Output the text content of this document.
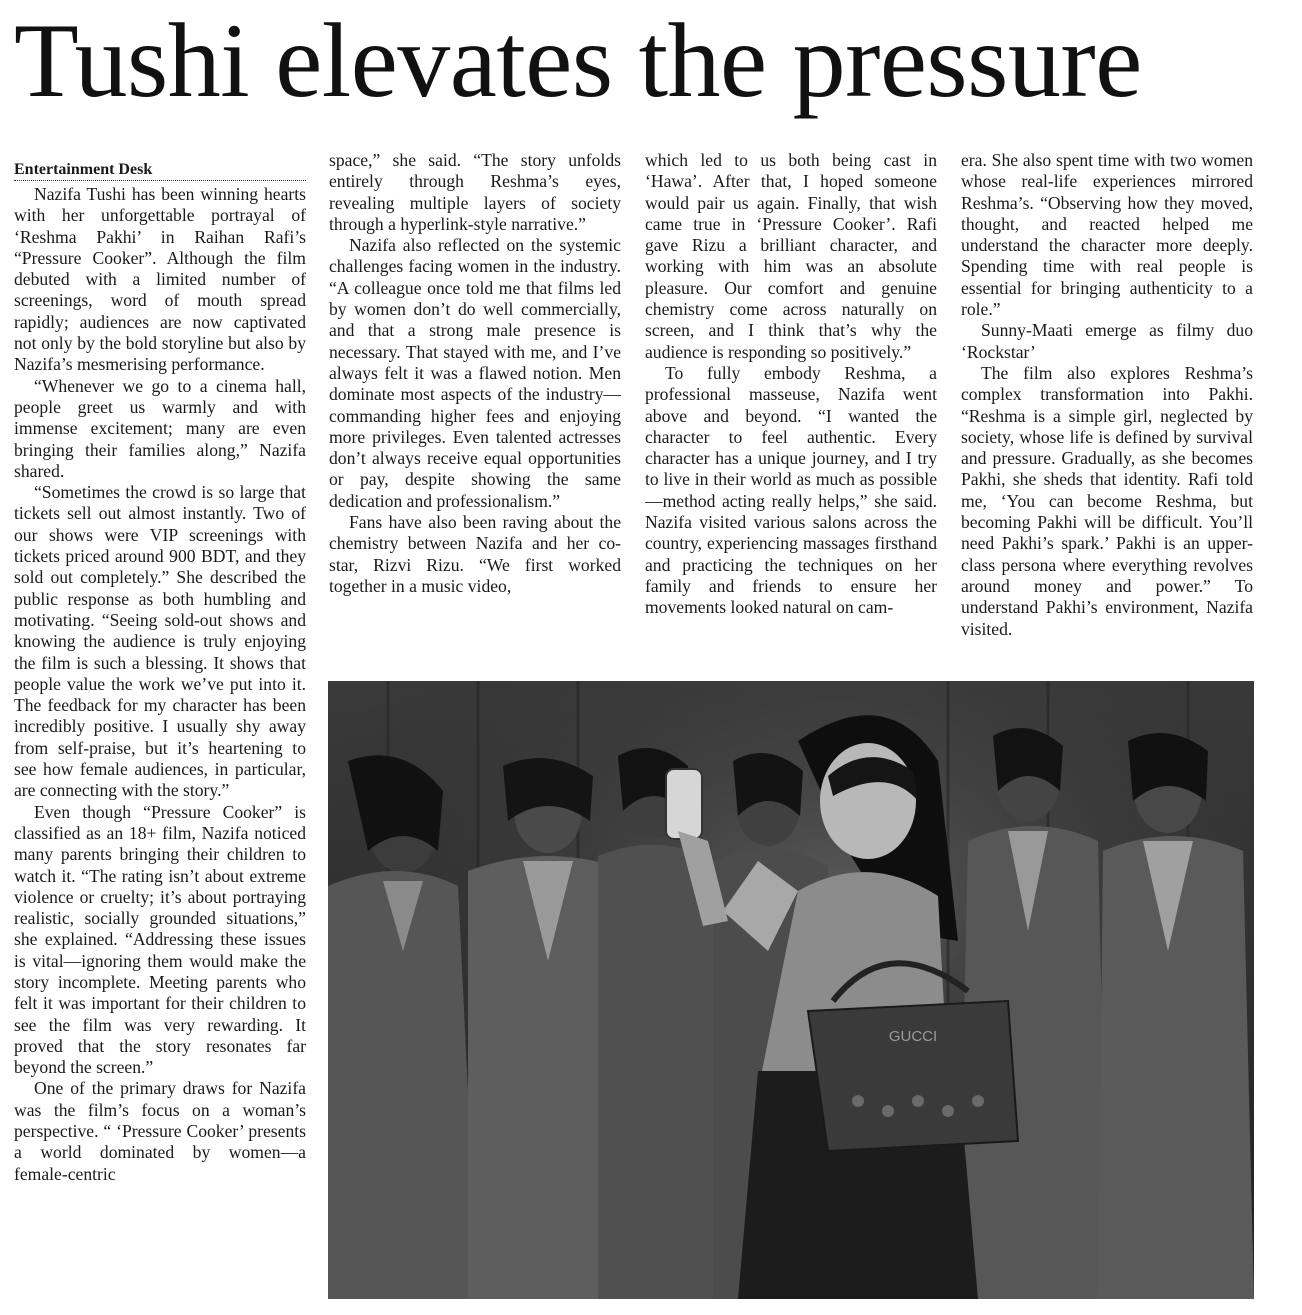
Tushi elevates the pressure
Entertainment Desk

Nazifa Tushi has been winning hearts with her unforgettable portrayal of ‘Reshma Pakhi’ in Raihan Rafi’s “Pressure Cooker”. Although the film debuted with a limited number of screenings, word of mouth spread rapidly; audiences are now captivated not only by the bold storyline but also by Nazifa’s mesmerising performance.

“Whenever we go to a cinema hall, people greet us warmly and with immense excitement; many are even bringing their families along,” Nazifa shared.

“Sometimes the crowd is so large that tickets sell out almost instantly. Two of our shows were VIP screenings with tickets priced around 900 BDT, and they sold out completely.” She described the public response as both humbling and motivating. “Seeing sold-out shows and knowing the audience is truly enjoying the film is such a blessing. It shows that people value the work we’ve put into it. The feedback for my character has been incredibly positive. I usually shy away from self-praise, but it’s heartening to see how female audiences, in particular, are connecting with the story.”

Even though “Pressure Cooker” is classified as an 18+ film, Nazifa noticed many parents bringing their children to watch it. “The rating isn’t about extreme violence or cruelty; it’s about portraying realistic, socially grounded situations,” she explained. “Addressing these issues is vital—ignoring them would make the story incomplete. Meeting parents who felt it was important for their children to see the film was very rewarding. It proved that the story resonates far beyond the screen.”

One of the primary draws for Nazifa was the film’s focus on a woman’s perspective. “ ‘Pressure Cooker’ presents a world dominated by women—a female-centric

space,” she said. “The story unfolds entirely through Reshma’s eyes, revealing multiple layers of society through a hyperlink-style narrative.”

Nazifa also reflected on the systemic challenges facing women in the industry. “A colleague once told me that films led by women don’t do well commercially, and that a strong male presence is necessary. That stayed with me, and I’ve always felt it was a flawed notion. Men dominate most aspects of the industry—commanding higher fees and enjoying more privileges. Even talented actresses don’t always receive equal opportunities or pay, despite showing the same dedication and professionalism.”

Fans have also been raving about the chemistry between Nazifa and her co-star, Rizvi Rizu. “We first worked together in a music video,

which led to us both being cast in ‘Hawa’. After that, I hoped someone would pair us again. Finally, that wish came true in ‘Pressure Cooker’. Rafi gave Rizu a brilliant character, and working with him was an absolute pleasure. Our comfort and genuine chemistry come across naturally on screen, and I think that’s why the audience is responding so positively.”

To fully embody Reshma, a professional masseuse, Nazifa went above and beyond. “I wanted the character to feel authentic. Every character has a unique journey, and I try to live in their world as much as possible—method acting really helps,” she said. Nazifa visited various salons across the country, experiencing massages firsthand and practicing the techniques on her family and friends to ensure her movements looked natural on cam-

era. She also spent time with two women whose real-life experiences mirrored Reshma’s. “Observing how they moved, thought, and reacted helped me understand the character more deeply. Spending time with real people is essential for bringing authenticity to a role.”

Sunny-Maati emerge as filmy duo ‘Rockstar’

The film also explores Reshma’s complex transformation into Pakhi. “Reshma is a simple girl, neglected by society, whose life is defined by survival and pressure. Gradually, as she becomes Pakhi, she sheds that identity. Rafi told me, ‘You can become Reshma, but becoming Pakhi will be difficult. You’ll need Pakhi’s spark.’ Pakhi is an upper-class persona where everything revolves around money and power.” To understand Pakhi’s environment, Nazifa visited.

GUCCI
